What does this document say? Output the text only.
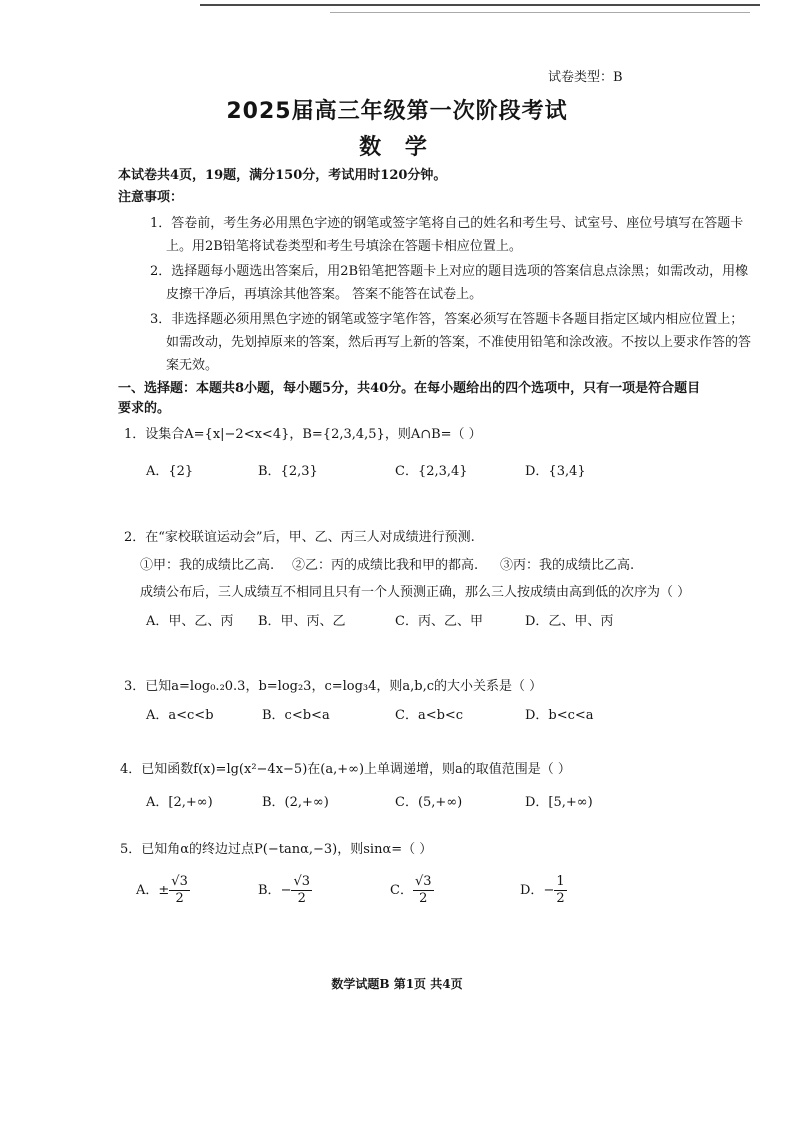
试卷类型：B
2025届高三年级第一次阶段考试
数 学
本试卷共4页，19题，满分150分，考试用时120分钟。
注意事项：
1．答卷前，考生务必用黑色字迹的钢笔或签字笔将自己的姓名和考生号、试室号、座位号填写在答题卡上。用2B铅笔将试卷类型和考生号填涂在答题卡相应位置上。
2．选择题每小题选出答案后，用2B铅笔把答题卡上对应的题目选项的答案信息点涂黑；如需改动，用橡皮擦干净后，再填涂其他答案。 答案不能答在试卷上。
3．非选择题必须用黑色字迹的钢笔或签字笔作答，答案必须写在答题卡各题目指定区域内相应位置上；如需改动，先划掉原来的答案，然后再写上新的答案，不准使用铅笔和涂改液。不按以上要求作答的答案无效。
一、选择题：本题共8小题，每小题5分，共40分。在每小题给出的四个选项中，只有一项是符合题目
要求的。
1．设集合A={x|−2<x<4}，B={2,3,4,5}，则A∩B=（ ）
A．{2}	B．{2,3}	C．{2,3,4}	D．{3,4}
2．在“家校联谊运动会”后，甲、乙、丙三人对成绩进行预测.
①甲：我的成绩比乙高. ②乙：丙的成绩比我和甲的都高. ③丙：我的成绩比乙高.
成绩公布后，三人成绩互不相同且只有一个人预测正确，那么三人按成绩由高到低的次序为（ ）
A．甲、乙、丙 B．甲、丙、乙	C．丙、乙、甲	D．乙、甲、丙
3．已知a=log₀.₂0.3，b=log₂3，c=log₃4，则a,b,c的大小关系是（ ）
A．a<c<b	B．c<b<a	C．a<b<c	D．b<c<a
4．已知函数f(x)=lg(x²−4x−5)在(a,+∞)上单调递增，则a的取值范围是（ ）
A．[2,+∞)	B．(2,+∞)	C．(5,+∞)	D．[5,+∞)
5．已知角α的终边过点P(−tanα,−3)，则sinα=（ ）
A．± $\frac{√3}{2}$	B．− $\frac{√3}{2}$	C． $\frac{√3}{2}$	D．− $\frac{1}{2}$
数学试题B 第1页 共4页
